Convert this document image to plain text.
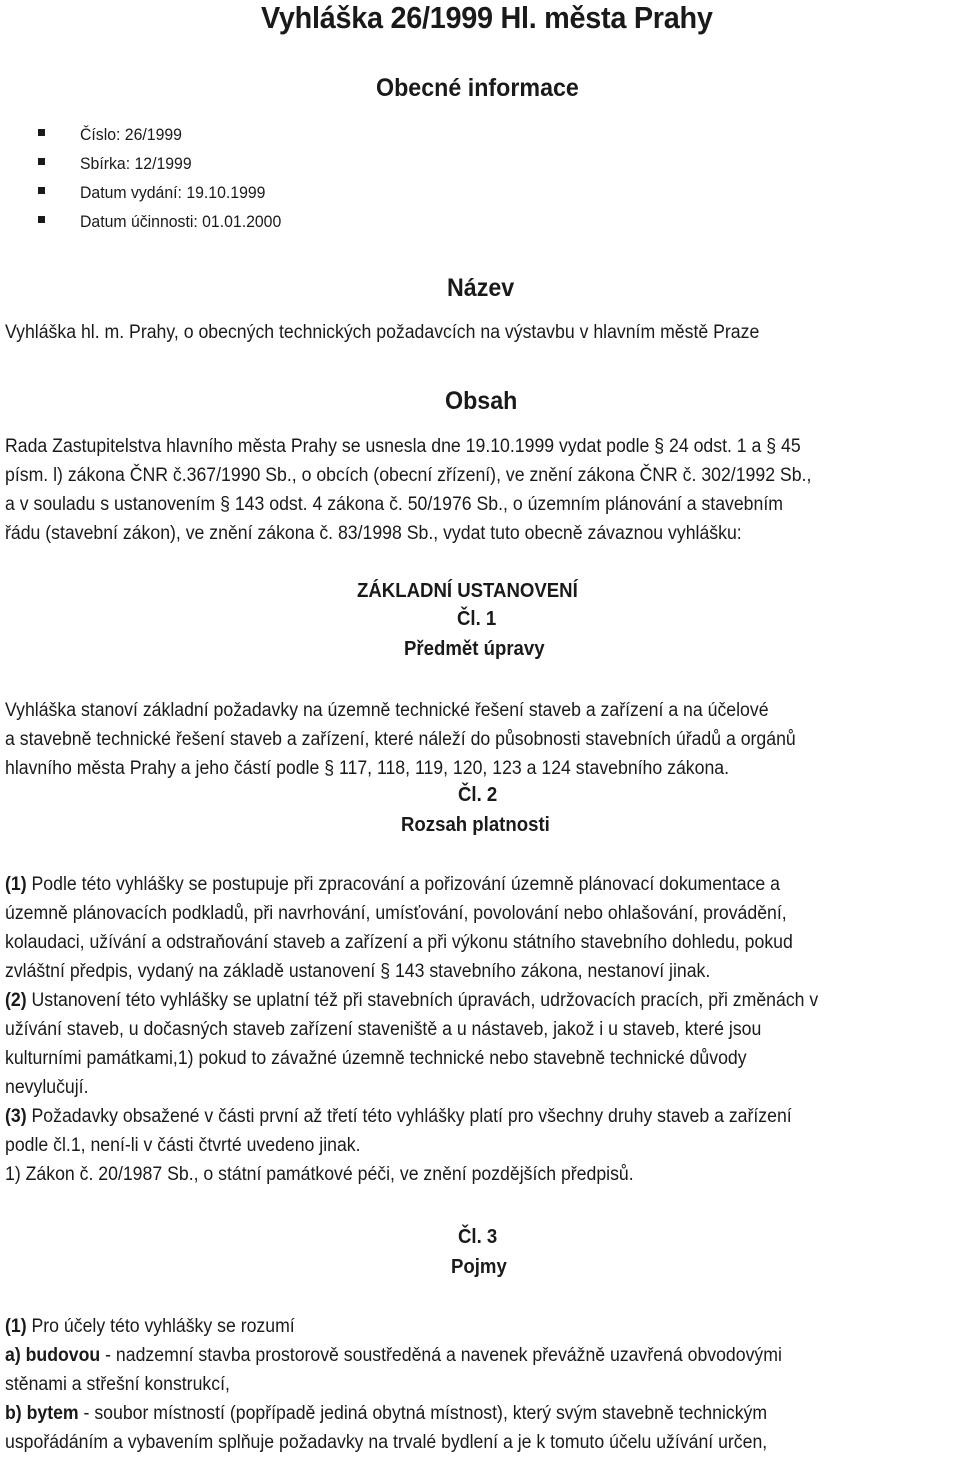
Vyhláška 26/1999 Hl. města Prahy
Obecné informace
Číslo: 26/1999
Sbírka: 12/1999
Datum vydání: 19.10.1999
Datum účinnosti: 01.01.2000
Název
Vyhláška hl. m. Prahy, o obecných technických požadavcích na výstavbu v hlavním městě Praze
Obsah
Rada Zastupitelstva hlavního města Prahy se usnesla dne 19.10.1999 vydat podle § 24 odst. 1 a § 45
písm. l) zákona ČNR č.367/1990 Sb., o obcích (obecní zřízení), ve znění zákona ČNR č. 302/1992 Sb.,
a v souladu s ustanovením § 143 odst. 4 zákona č. 50/1976 Sb., o územním plánování a stavebním
řádu (stavební zákon), ve znění zákona č. 83/1998 Sb., vydat tuto obecně závaznou vyhlášku:
ZÁKLADNÍ USTANOVENÍ
Čl. 1
Předmět úpravy
Vyhláška stanoví základní požadavky na územně technické řešení staveb a zařízení a na účelové
a stavebně technické řešení staveb a zařízení, které náleží do působnosti stavebních úřadů a orgánů
hlavního města Prahy a jeho částí podle § 117, 118, 119, 120, 123 a 124 stavebního zákona.
Čl. 2
Rozsah platnosti
(1) Podle této vyhlášky se postupuje při zpracování a pořizování územně plánovací dokumentace a
územně plánovacích podkladů, při navrhování, umísťování, povolování nebo ohlašování, provádění,
kolaudaci, užívání a odstraňování staveb a zařízení a při výkonu státního stavebního dohledu, pokud
zvláštní předpis, vydaný na základě ustanovení § 143 stavebního zákona, nestanoví jinak.
(2) Ustanovení této vyhlášky se uplatní též při stavebních úpravách, udržovacích pracích, při změnách v
užívání staveb, u dočasných staveb zařízení staveniště a u nástaveb, jakož i u staveb, které jsou
kulturními památkami,1) pokud to závažné územně technické nebo stavebně technické důvody
nevylučují.
(3) Požadavky obsažené v části první až třetí této vyhlášky platí pro všechny druhy staveb a zařízení
podle čl.1, není-li v části čtvrté uvedeno jinak.
1) Zákon č. 20/1987 Sb., o státní památkové péči, ve znění pozdějších předpisů.
Čl. 3
Pojmy
(1) Pro účely této vyhlášky se rozumí
a) budovou - nadzemní stavba prostorově soustředěná a navenek převážně uzavřená obvodovými
stěnami a střešní konstrukcí,
b) bytem - soubor místností (popřípadě jediná obytná místnost), který svým stavebně technickým
uspořádáním a vybavením splňuje požadavky na trvalé bydlení a je k tomuto účelu užívání určen,
